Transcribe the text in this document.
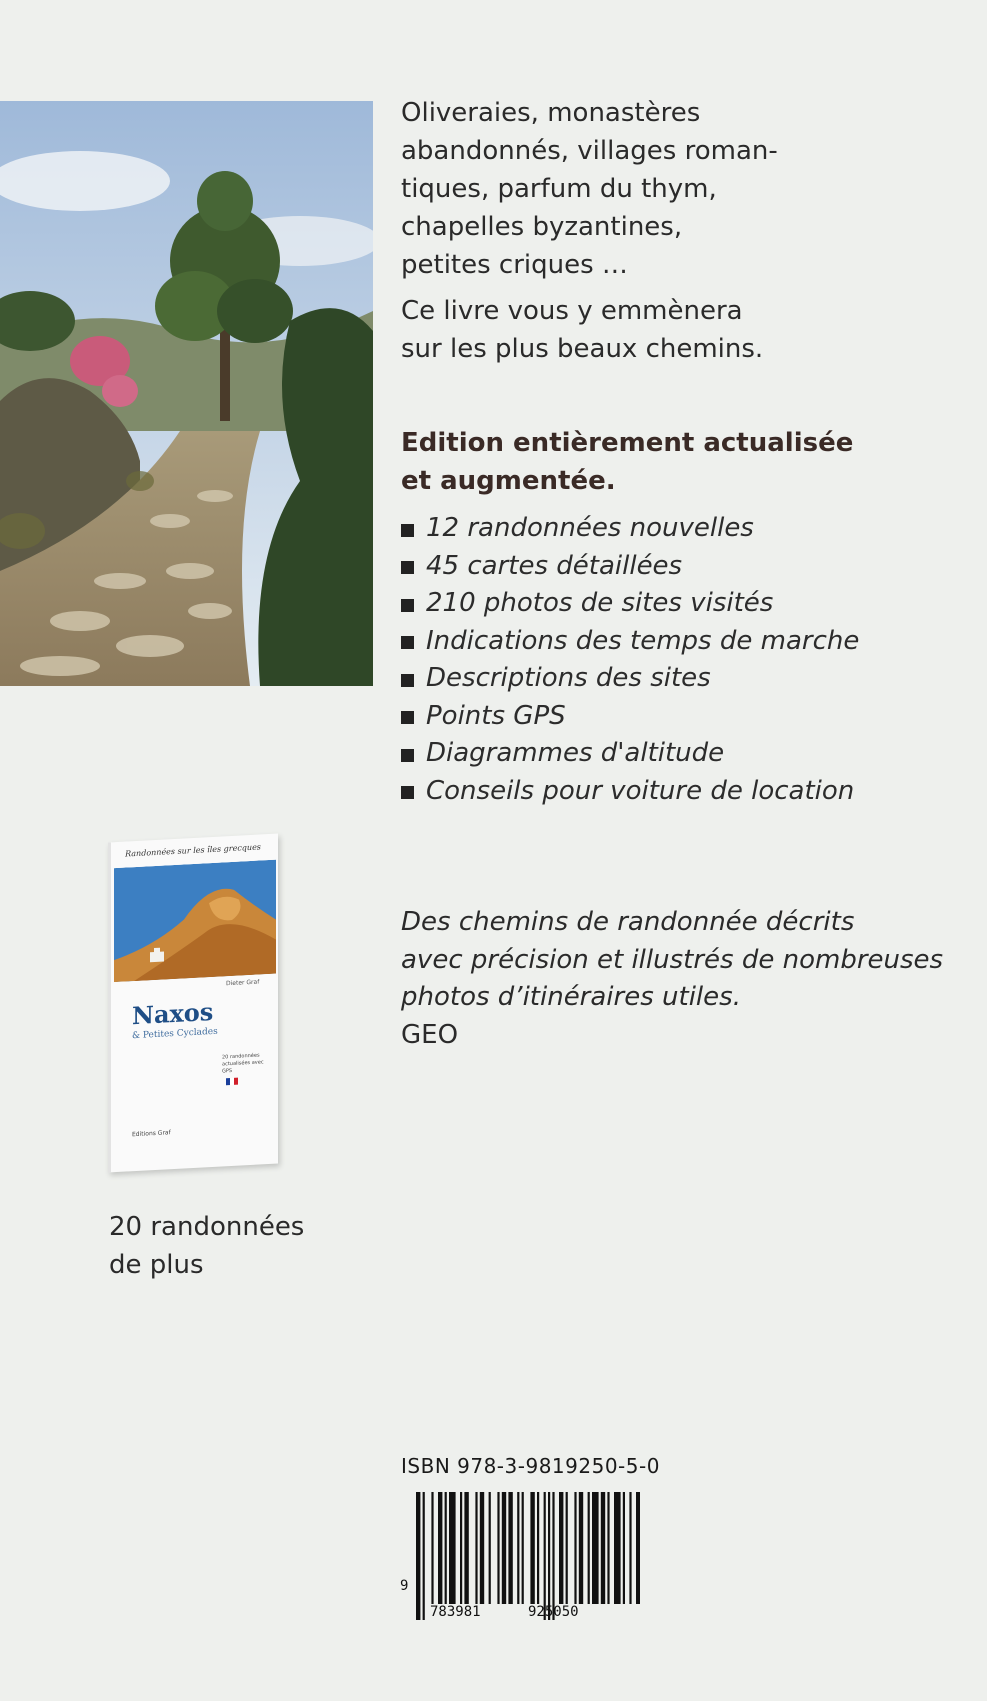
Oliveraies, monastères
abandonnés, villages roman-
tiques, parfum du thym,
chapelles byzantines,
petites criques …

Ce livre vous y emmènera
sur les plus beaux chemins.

Edition entièrement actualisée
et augmentée.

12 randonnées nouvelles
45 cartes détaillées
210 photos de sites visités
Indications des temps de marche
Descriptions des sites
Points GPS
Diagrammes d'altitude
Conseils pour voiture de location
Randonnées sur les îles grecques
Dieter Graf
Naxos
& Petites Cyclades
20 randonnées actualisées avec GPS
Editions Graf

20 randonnées
de plus

Des chemins de randonnée décrits
avec précision et illustrés de nombreuses
photos d’itinéraires utiles.
GEO

ISBN 978-3-9819250-5-0
9
783981	925050
